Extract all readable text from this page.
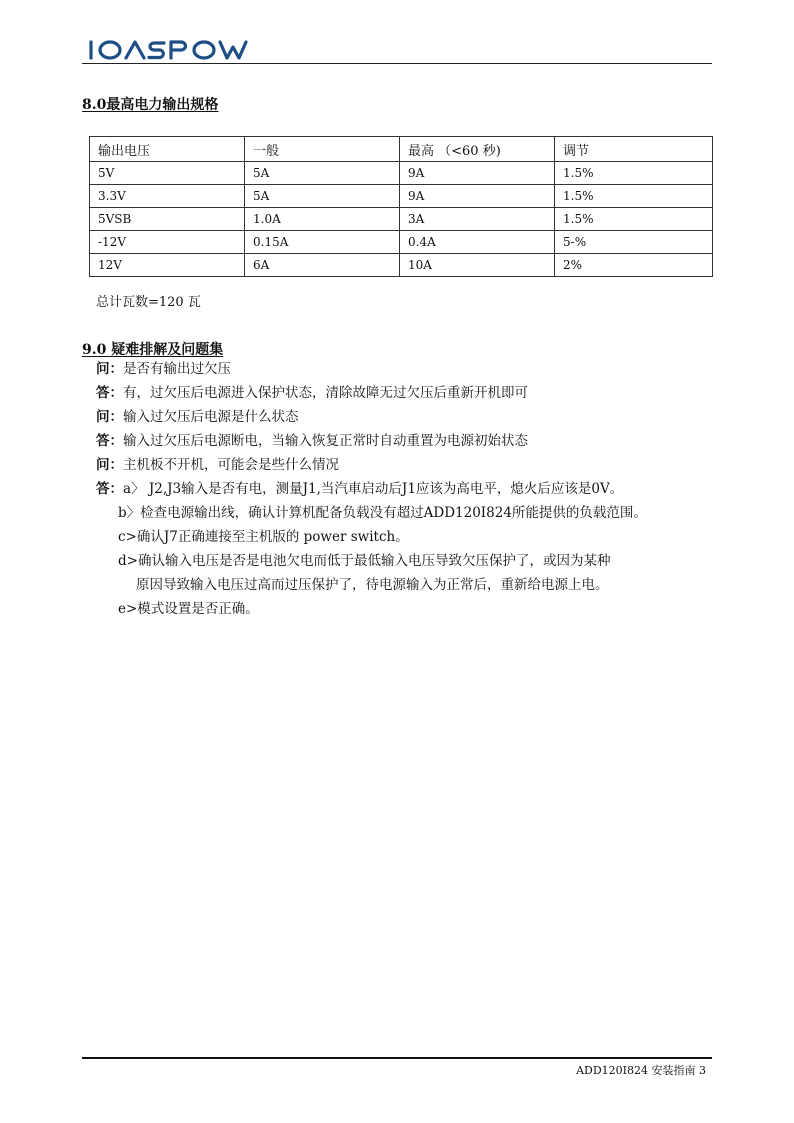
8.0最高电力输出规格
输出电压	一般	最高 （<60 秒)	调节
5V	5A	9A	1.5%
3.3V	5A	9A	1.5%
5VSB	1.0A	3A	1.5%
-12V	0.15A	0.4A	5-%
12V	6A	10A	2%
总计瓦数=120 瓦
9.0 疑难排解及问题集
问：是否有输出过欠压
答：有，过欠压后电源进入保护状态，清除故障无过欠压后重新开机即可
问：输入过欠压后电源是什么状态
答：输入过欠压后电源断电，当输入恢复正常时自动重置为电源初始状态
问：主机板不开机，可能会是些什么情况
答：a〉 J2,J3输入是否有电，测量J1,当汽車启动后J1应该为高电平，熄火后应该是0V。
b〉检查电源输出线，确认计算机配备负载没有超过ADD120I824所能提供的负载范围。
c>确认J7正确連接至主机版的 power switch。
d>确认输入电压是否是电池欠电而低于最低输入电压导致欠压保护了，或因为某种
原因导致输入电压过高而过压保护了，待电源输入为正常后，重新给电源上电。
e>模式设置是否正确。
ADD120I824 安装指南 3
